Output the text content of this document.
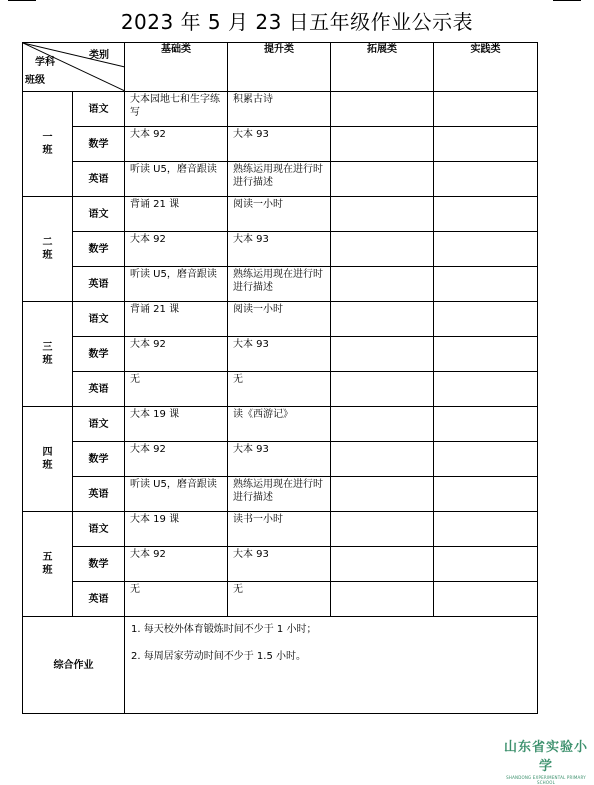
2023 年 5 月 23 日五年级作业公示表
类别
学科
班级		基础类	提升类	拓展类	实践类

一
班	语文	大本园地七和生字练写	积累古诗		
	数学	大本 92	大本 93		
	英语	听读 U5，磨音跟读	熟练运用现在进行时进行描述		

二
班	语文	背诵 21 课	阅读一小时		
	数学	大本 92	大本 93		
	英语	听读 U5，磨音跟读	熟练运用现在进行时进行描述		

三
班	语文	背诵 21 课	阅读一小时		
	数学	大本 92	大本 93		
	英语	无	无		

四
班	语文	大本 19 课	读《西游记》		
	数学	大本 92	大本 93		
	英语	听读 U5，磨音跟读	熟练运用现在进行时进行描述		

五
班	语文	大本 19 课	读书一小时		
	数学	大本 92	大本 93		
	英语	无	无		
综合作业		1. 每天校外体育锻炼时间不少于 1 小时；

2. 每周居家劳动时间不少于 1.5 小时。			

山东省实验小学
SHANDONG EXPERIMENTAL PRIMARY SCHOOL
